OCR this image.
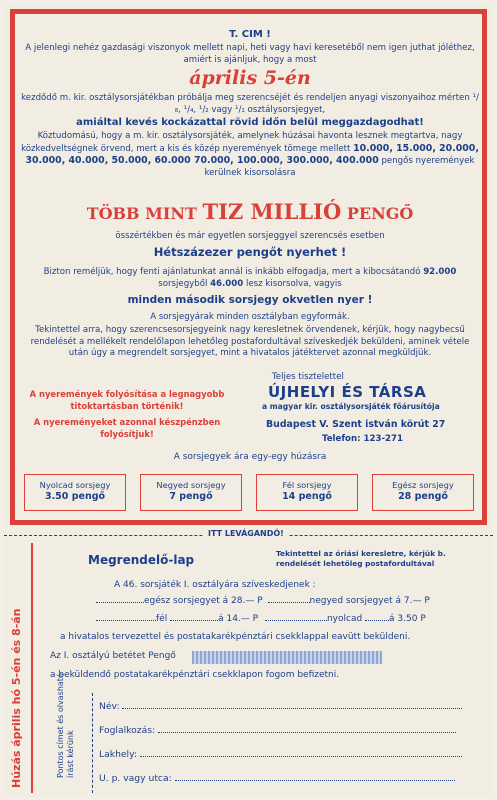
T. CIM !
A jelenlegi nehéz gazdasági viszonyok mellett napi, heti vagy havi keresetéből nem igen juthat jóléthez, amiért is ajánljuk, hogy a most
április 5-én
kezdődő m. kir. osztálysorsjátékban próbálja meg szerencséjét és rendeljen anyagi viszonyaihoz mérten ¹/₈, ¹/₄, ¹/₂ vagy ¹/₁ osztálysorsjegyet,
amiáltal kevés kockázattal rövid időn belül meggazdagodhat!
Köztudomású, hogy a m. kir. osztálysorsjáték, amelynek húzásai havonta lesznek megtartva, nagy közkedveltségnek örvend, mert a kis és közép nyeremények tömege mellett 10.000, 15.000, 20.000, 30.000, 40.000, 50.000, 60.000 70.000, 100.000, 300.000, 400.000 pengős nyeremények kerülnek kisorsolásra
TÖBB MINT TIZ MILLIÓ PENGŐ
összértékben és már egyetlen sorsjeggyel szerencsés esetben
Hétszázezer pengőt nyerhet !
Bizton reméljük, hogy fenti ajánlatunkat annál is inkább elfogadja, mert a kibocsátandó 92.000 sorsjegyből 46.000 lesz kisorsolva, vagyis
minden második sorsjegy okvetlen nyer !
A sorsjegyárak minden osztályban egyformák.
Tekintettel arra, hogy szerencsesorsjegyeink nagy keresletnek örvendenek, kérjük, hogy nagybecsű rendelését a mellékelt rendelőlapon lehetőleg postafordultával szíveskedjék beküldeni, aminek vétele után úgy a megrendelt sorsjegyet, mint a hivatalos játéktervet azonnal megküldjük.
Teljes tisztelettel
A nyeremények folyósítása a legnagyobb titoktartásban történik!
A nyereményeket azonnal készpénzben folyósítjuk!
ÚJHELYI ÉS TÁRSA
a magyar kir. osztálysorsjáték főárusítója
Budapest V. Szent istván körút 27
Telefon: 123-271
A sorsjegyek ára egy-egy húzásra
Nyolcad sorsjegy
3.50 pengő
Negyed sorsjegy
7 pengő
Fél sorsjegy
14 pengő
Egész sorsjegy
28 pengő
ITT LEVÁGANDÓ!
Húzás április hó 5-én és 8-án	Pontos címet és olvasható írást kérünk
Megrendelő-lap	Tekintettel az óriási keresletre, kérjük b. rendelését lehetőleg postafordultával
A 46. sorsjáték I. osztályára szíveskedjenek :
egész sorsjegyet á 28.— P	negyed sorsjegyet á 7.— P
fél	á 14.— P	nyolcad	á 3.50 P
a hivatalos tervezettel és postatakarékpénztári csekklappal eavütt beküldeni.
Az I. osztályú betétet Pengő
a beküldendő postatakarékpénztári csekklapon fogom befizetni.
Név:
Foglalkozás:
Lakhely:
U. p. vagy utca:
